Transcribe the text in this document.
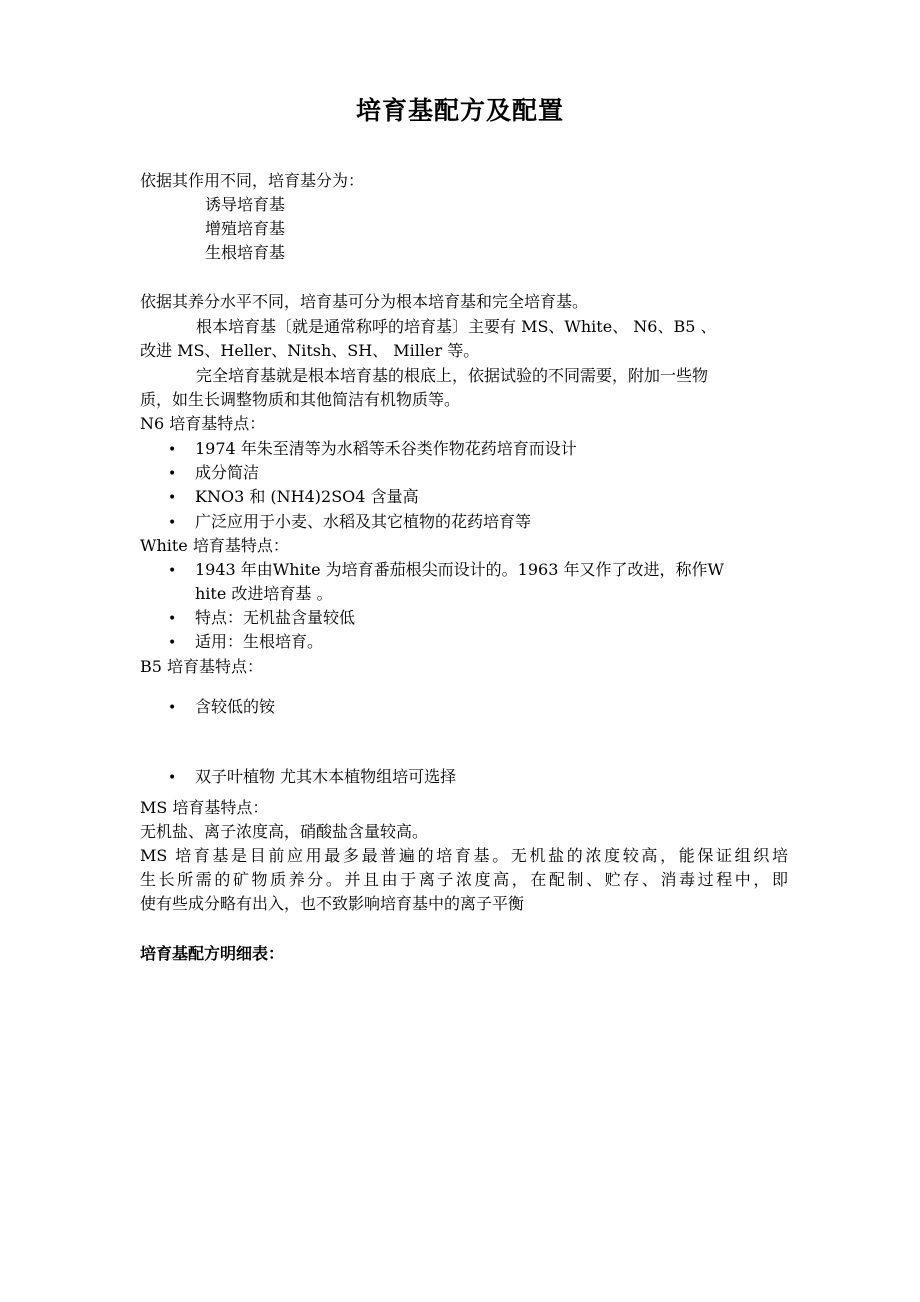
培育基配方及配置
依据其作用不同，培育基分为：
诱导培育基
增殖培育基
生根培育基
依据其养分水平不同，培育基可分为根本培育基和完全培育基。
根本培育基〔就是通常称呼的培育基〕主要有 MS、White、 N6、B5 、
改进 MS、Heller、Nitsh、SH、 Miller 等。
完全培育基就是根本培育基的根底上，依据试验的不同需要，附加一些物
质，如生长调整物质和其他简洁有机物质等。
N6 培育基特点：
• 1974 年朱至清等为水稻等禾谷类作物花药培育而设计
• 成分简洁
• KNO3 和 (NH4)2SO4 含量高
• 广泛应用于小麦、水稻及其它植物的花药培育等
White 培育基特点：
• 1943 年由White 为培育番茄根尖而设计的。1963 年又作了改进，称作W
hite 改进培育基 。
• 特点：无机盐含量较低
• 适用：生根培育。
B5 培育基特点：
• 含较低的铵
• 双子叶植物 尤其木本植物组培可选择
MS 培育基特点：
无机盐、离子浓度高，硝酸盐含量较高。
MS 培育基是目前应用最多最普遍的培育基。无机盐的浓度较高，能保证组织培
生长所需的矿物质养分。并且由于离子浓度高，在配制、贮存、消毒过程中，即
使有些成分略有出入，也不致影响培育基中的离子平衡
培育基配方明细表：
